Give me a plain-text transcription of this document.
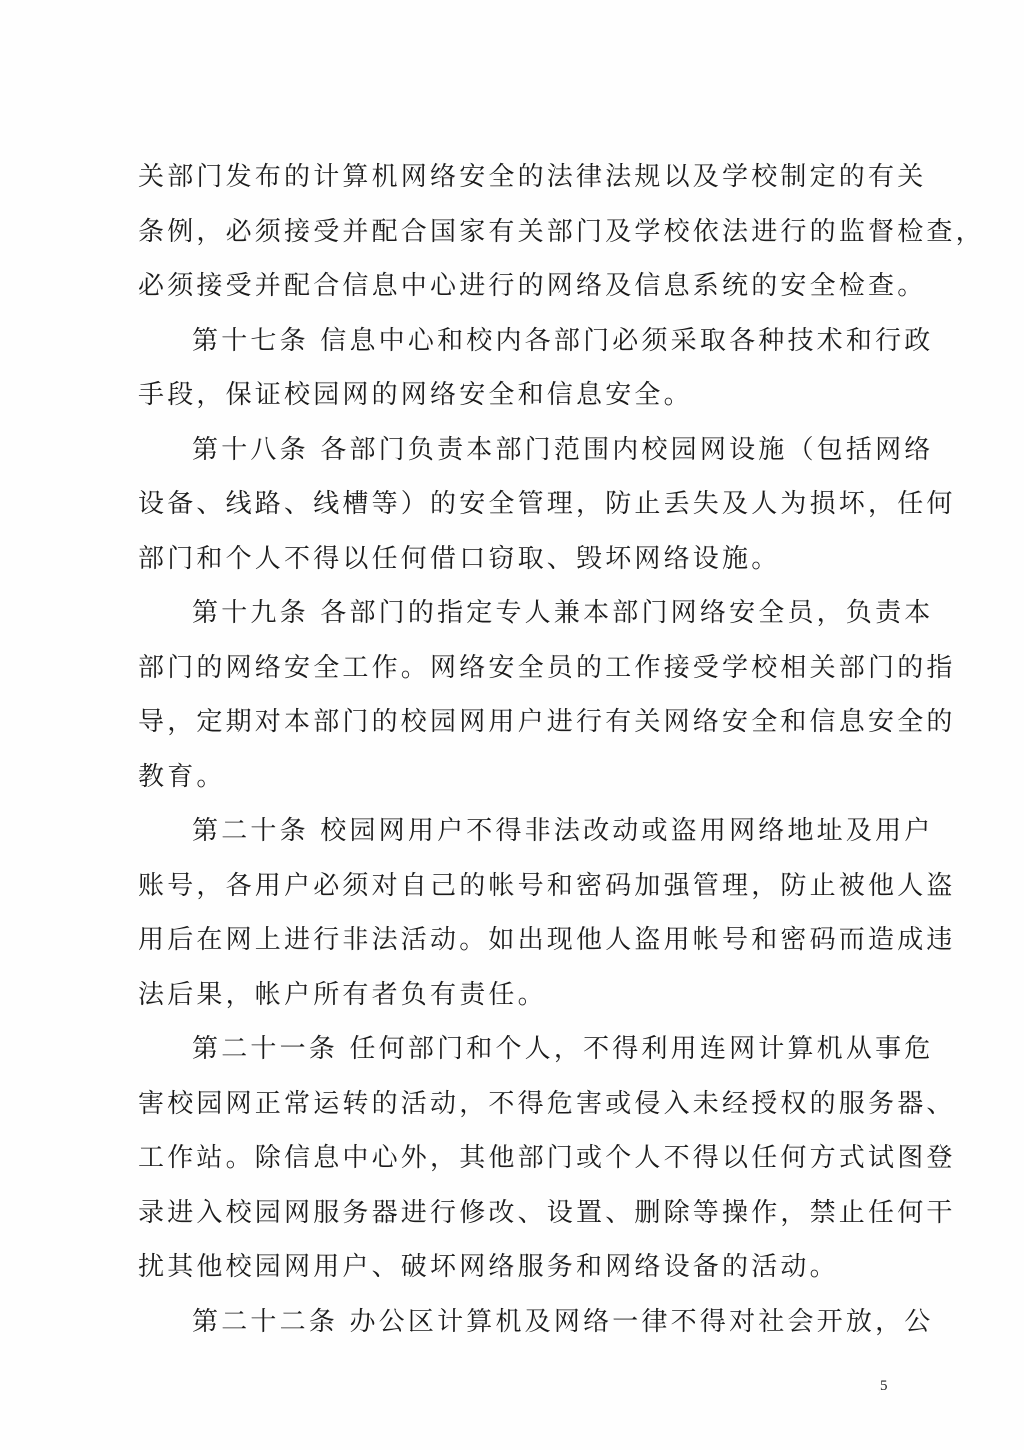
关部门发布的计算机网络安全的法律法规以及学校制定的有关
条例，必须接受并配合国家有关部门及学校依法进行的监督检查，
必须接受并配合信息中心进行的网络及信息系统的安全检查。
第十七条 信息中心和校内各部门必须采取各种技术和行政
手段，保证校园网的网络安全和信息安全。
第十八条 各部门负责本部门范围内校园网设施（包括网络
设备、线路、线槽等）的安全管理，防止丢失及人为损坏，任何
部门和个人不得以任何借口窃取、毁坏网络设施。
第十九条 各部门的指定专人兼本部门网络安全员，负责本
部门的网络安全工作。网络安全员的工作接受学校相关部门的指
导，定期对本部门的校园网用户进行有关网络安全和信息安全的
教育。
第二十条 校园网用户不得非法改动或盗用网络地址及用户
账号，各用户必须对自己的帐号和密码加强管理，防止被他人盗
用后在网上进行非法活动。如出现他人盗用帐号和密码而造成违
法后果，帐户所有者负有责任。
第二十一条 任何部门和个人，不得利用连网计算机从事危
害校园网正常运转的活动，不得危害或侵入未经授权的服务器、
工作站。除信息中心外，其他部门或个人不得以任何方式试图登
录进入校园网服务器进行修改、设置、删除等操作，禁止任何干
扰其他校园网用户、破坏网络服务和网络设备的活动。
第二十二条 办公区计算机及网络一律不得对社会开放，公
5
